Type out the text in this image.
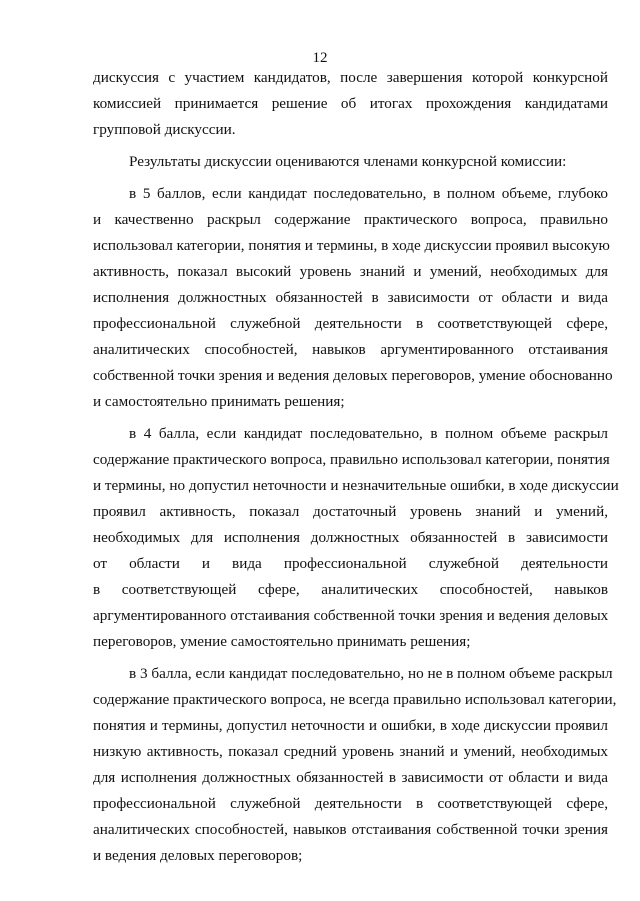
12

дискуссия с участием кандидатов, после завершения которой конкурсной
комиссией принимается решение об итогах прохождения кандидатами
групповой дискуссии.

Результаты дискуссии оцениваются членами конкурсной комиссии:

в 5 баллов, если кандидат последовательно, в полном объеме, глубоко
и качественно раскрыл содержание практического вопроса, правильно
использовал категории, понятия и термины, в ходе дискуссии проявил высокую
активность, показал высокий уровень знаний и умений, необходимых для
исполнения должностных обязанностей в зависимости от области и вида
профессиональной служебной деятельности в соответствующей сфере,
аналитических способностей, навыков аргументированного отстаивания
собственной точки зрения и ведения деловых переговоров, умение обоснованно
и самостоятельно принимать решения;

в 4 балла, если кандидат последовательно, в полном объеме раскрыл
содержание практического вопроса, правильно использовал категории, понятия
и термины, но допустил неточности и незначительные ошибки, в ходе дискуссии
проявил активность, показал достаточный уровень знаний и умений,
необходимых для исполнения должностных обязанностей в зависимости
от области и вида профессиональной служебной деятельности
в соответствующей сфере, аналитических способностей, навыков
аргументированного отстаивания собственной точки зрения и ведения деловых
переговоров, умение самостоятельно принимать решения;

в 3 балла, если кандидат последовательно, но не в полном объеме раскрыл
содержание практического вопроса, не всегда правильно использовал категории,
понятия и термины, допустил неточности и ошибки, в ходе дискуссии проявил
низкую активность, показал средний уровень знаний и умений, необходимых
для исполнения должностных обязанностей в зависимости от области и вида
профессиональной служебной деятельности в соответствующей сфере,
аналитических способностей, навыков отстаивания собственной точки зрения
и ведения деловых переговоров;
